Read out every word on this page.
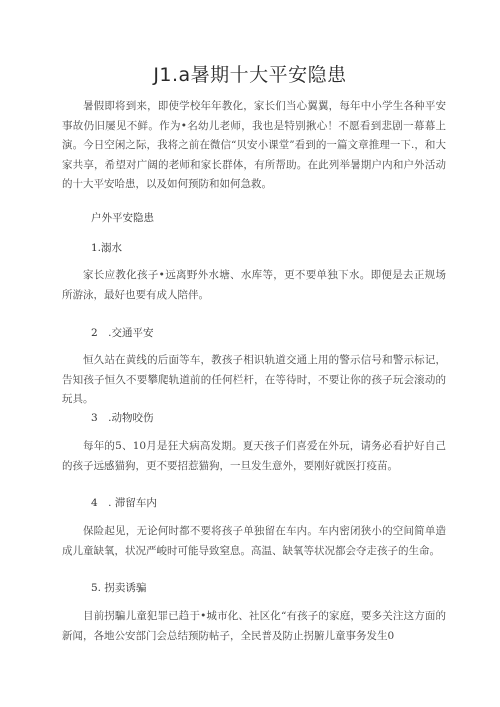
J1.a暑期十大平安隐患
暑假即将到来，即使学校年年教化，家长们当心翼翼，每年中小学生各种平安事故仍旧屡见不鲜。作为•名幼儿老师，我也是特别揪心！不愿看到悲剧一幕幕上演。今日空闲之际，我将之前在微信“贝安小课堂”看到的一篇文章推理一下.，和大家共享，希望对广阔的老师和家长群体，有所帮助。在此列举暑期户内和户外活动的十大平安哈患，以及如何预防和如何急救。
户外平安隐患
1.溺水
家长应教化孩子•远离野外水塘、水库等，更不要单独下水。即便是去正规场所游泳，最好也要有成人陪伴。
2　.交通平安
恒久站在黄线的后面等车，教孩子相识轨道交通上用的警示信号和警示标记，告知孩子恒久不要攀爬轨道前的任何栏杆，在等待时，不要让你的孩子玩会滚动的玩具。
3　.动物咬伤
每年的5、10月是狂犬病高发期。夏天孩子们喜爱在外玩，请务必看护好自己的孩子远感猫狗，更不要招惹猫狗，一旦发生意外，要刚好就医打疫苗。
4　. 滞留车内
保险起见，无论何时都不要将孩子单独留在车内。车内密闭狭小的空间简单造成儿童缺氧，状况严峻时可能导致窒息。高温、缺氧等状况都会夺走孩子的生命。
5. 拐卖诱骗
目前拐騙儿童犯罪已趋于•城市化、社区化“有孩子的家庭，要多关注这方面的新闻，各地公安部门会总结预防帖子，全民普及防止拐腑儿童事务发生0
